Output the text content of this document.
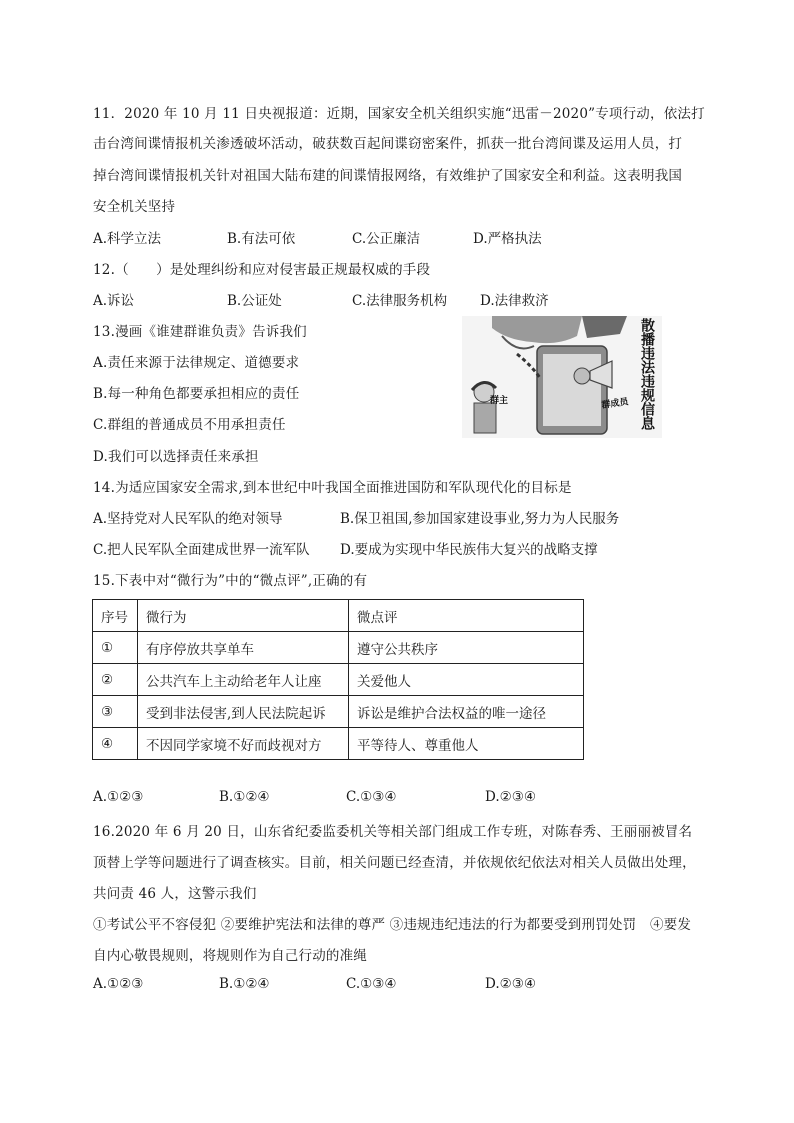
11．2020 年 10 月 11 日央视报道：近期，国家安全机关组织实施“迅雷－2020”专项行动，依法打
击台湾间谍情报机关渗透破坏活动，破获数百起间谍窃密案件，抓获一批台湾间谍及运用人员，打
掉台湾间谍情报机关针对祖国大陆布建的间谍情报网络，有效维护了国家安全和利益。这表明我国
安全机关坚持
A.科学立法	B.有法可依	C.公正廉洁	D.严格执法
12.（　　）是处理纠纷和应对侵害最正规最权威的手段
A.诉讼	B.公证处	C.法律服务机构 D.法律救济
13.漫画《谁建群谁负责》告诉我们
A.责任来源于法律规定、道德要求
B.每一种角色都要承担相应的责任
C.群组的普通成员不用承担责任
D.我们可以选择责任来承担
群主	群成员 散播违法违规信息
14.为适应国家安全需求,到本世纪中叶我国全面推进国防和军队现代化的目标是
A.坚持党对人民军队的绝对领导	B.保卫祖国,参加国家建设事业,努力为人民服务
C.把人民军队全面建成世界一流军队 D.要成为实现中华民族伟大复兴的战略支撑
15.下表中对“微行为”中的“微点评”,正确的有
序号	微行为	微点评
①	有序停放共享单车	遵守公共秩序
②	公共汽车上主动给老年人让座	关爱他人
③	受到非法侵害,到人民法院起诉	诉讼是维护合法权益的唯一途径
④	不因同学家境不好而歧视对方	平等待人、尊重他人
A.①②③	B.①②④	C.①③④	D.②③④
16.2020 年 6 月 20 日，山东省纪委监委机关等相关部门组成工作专班，对陈春秀、王丽丽被冒名
顶替上学等问题进行了调查核实。目前，相关问题已经查清，并依规依纪依法对相关人员做出处理，
共问责 46 人，这警示我们
①考试公平不容侵犯 ②要维护宪法和法律的尊严 ③违规违纪违法的行为都要受到刑罚处罚　④要发
自内心敬畏规则，将规则作为自己行动的准绳
A.①②③	B.①②④	C.①③④	D.②③④
